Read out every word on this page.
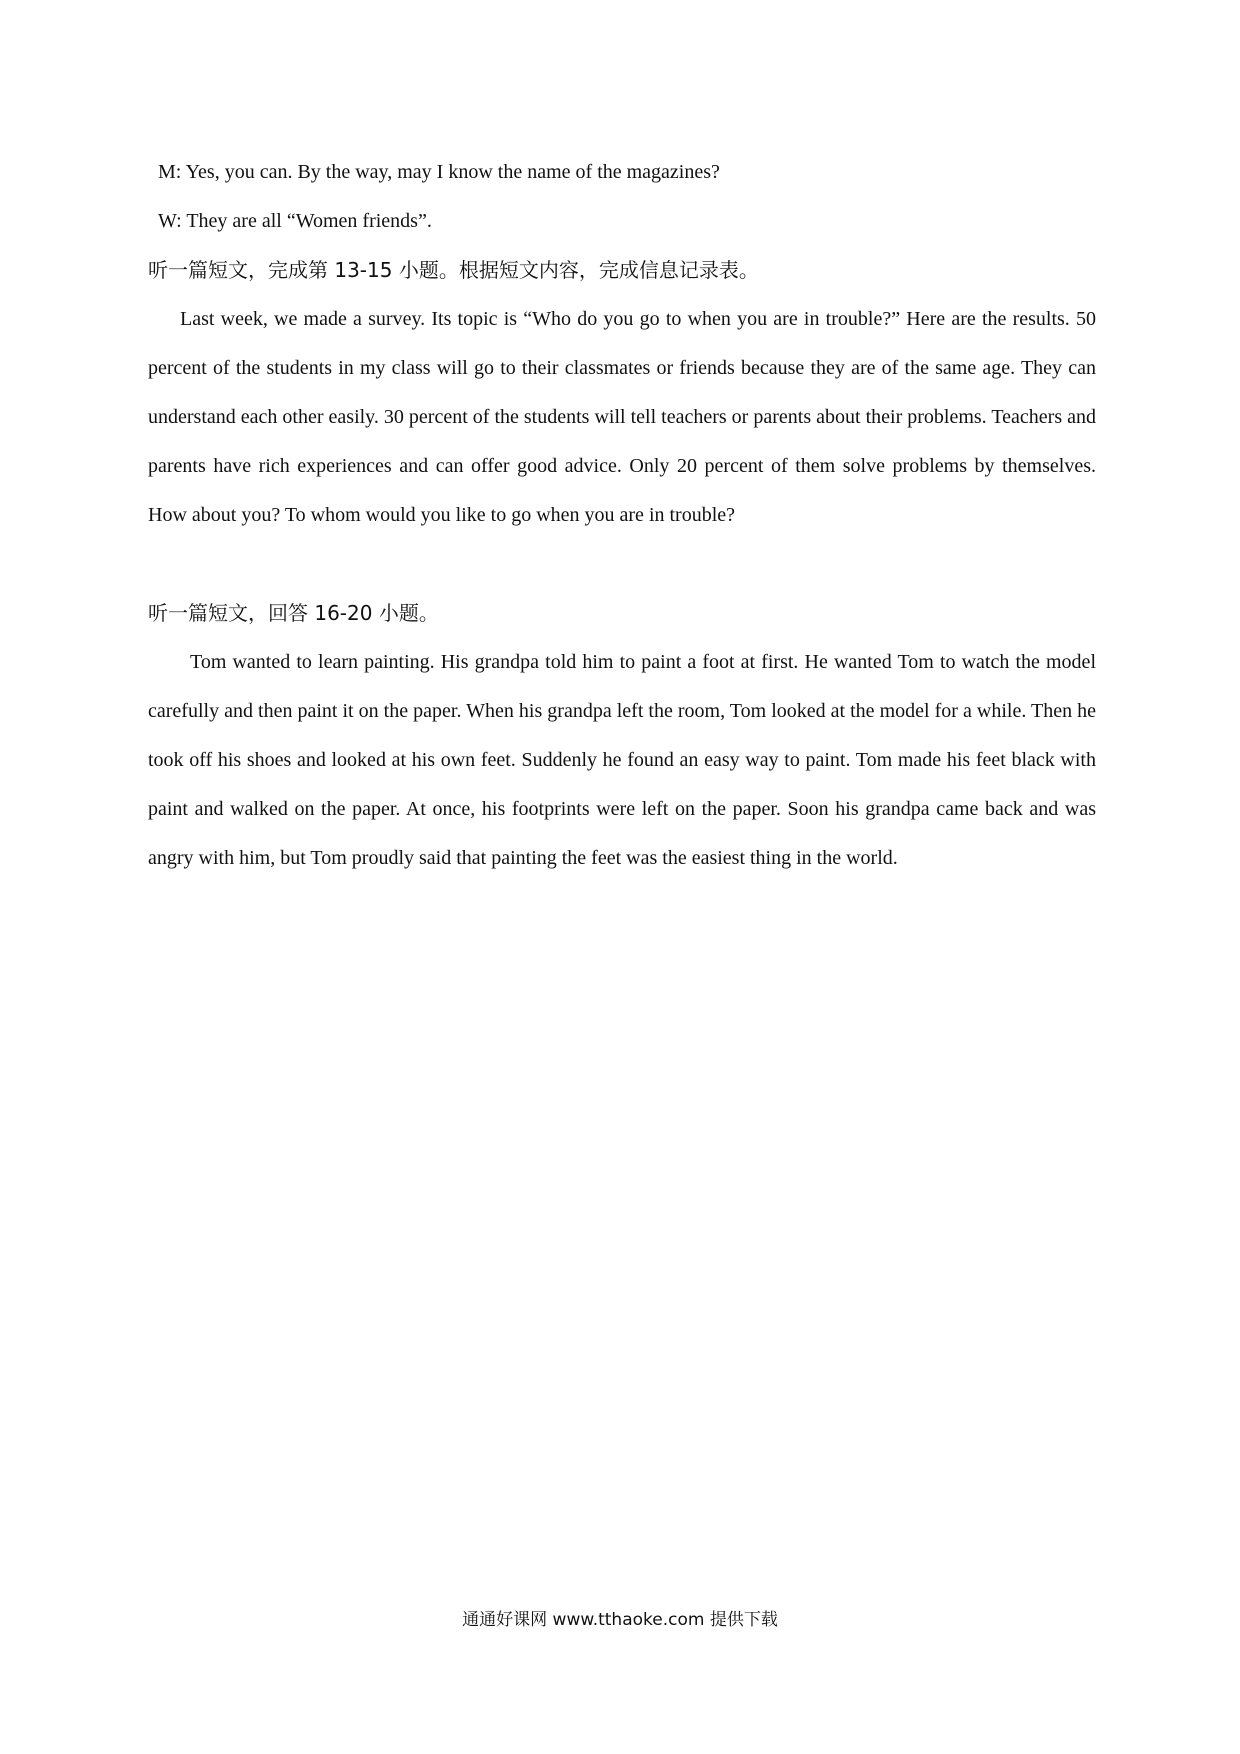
M: Yes, you can. By the way, may I know the name of the magazines?
W: They are all “Women friends”.
听一篇短文，完成第 13-15 小题。根据短文内容，完成信息记录表。

Last week, we made a survey. Its topic is “Who do you go to when you are in trouble?” Here are the results. 50 percent of the students in my class will go to their classmates or friends because they are of the same age. They can understand each other easily. 30 percent of the students will tell teachers or parents about their problems. Teachers and parents have rich experiences and can offer good advice. Only 20 percent of them solve problems by themselves. How about you? To whom would you like to go when you are in trouble?

听一篇短文，回答 16-20 小题。

Tom wanted to learn painting. His grandpa told him to paint a foot at first. He wanted Tom to watch the model carefully and then paint it on the paper. When his grandpa left the room, Tom looked at the model for a while. Then he took off his shoes and looked at his own feet. Suddenly he found an easy way to paint. Tom made his feet black with paint and walked on the paper. At once, his footprints were left on the paper. Soon his grandpa came back and was angry with him, but Tom proudly said that painting the feet was the easiest thing in the world.

通通好课网 www.tthaoke.com 提供下载
